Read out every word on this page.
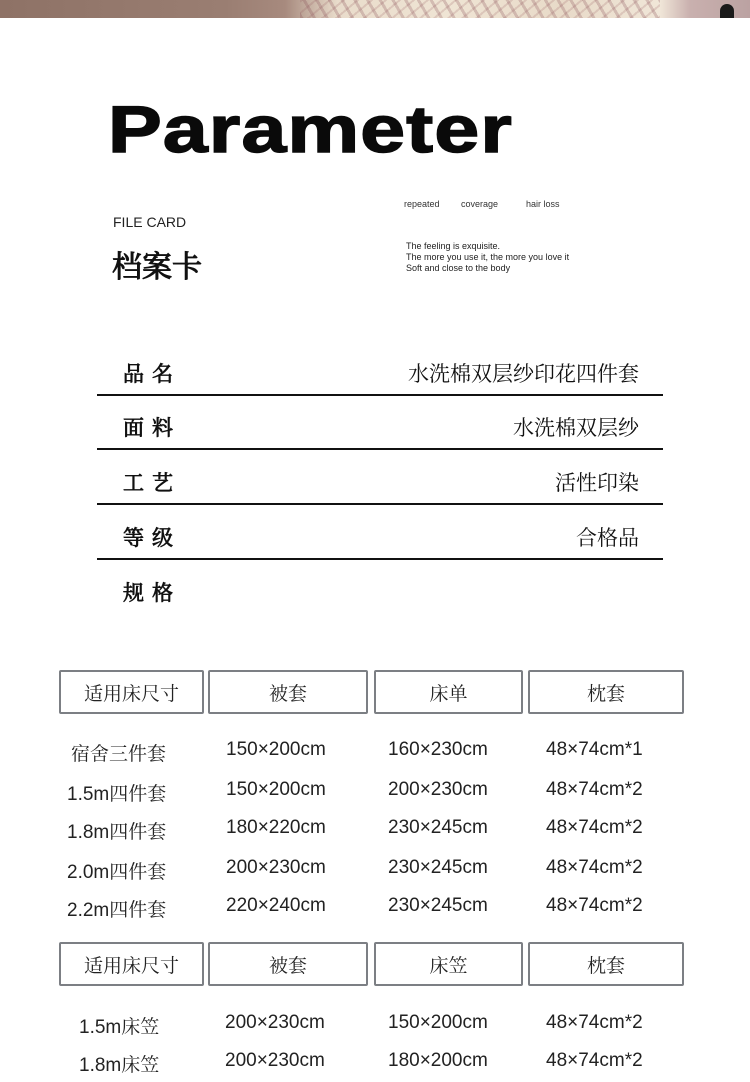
Parameter
FILE CARD
档案卡
repeated coverage	hair loss
The feeling is exquisite.
The more you use it, the more you love it
Soft and close to the body
品名	水洗棉双层纱印花四件套
面料	水洗棉双层纱
工艺	活性印染
等级	合格品
规格
适用床尺寸	被套	床单	枕套
宿舍三件套	150×200cm	160×230cm	48×74cm*1
1.5m四件套	150×200cm	200×230cm	48×74cm*2
1.8m四件套	180×220cm	230×245cm	48×74cm*2
2.0m四件套	200×230cm	230×245cm	48×74cm*2
2.2m四件套	220×240cm	230×245cm	48×74cm*2
适用床尺寸	被套	床笠	枕套
1.5m床笠	200×230cm	150×200cm	48×74cm*2
1.8m床笠	200×230cm	180×200cm	48×74cm*2
